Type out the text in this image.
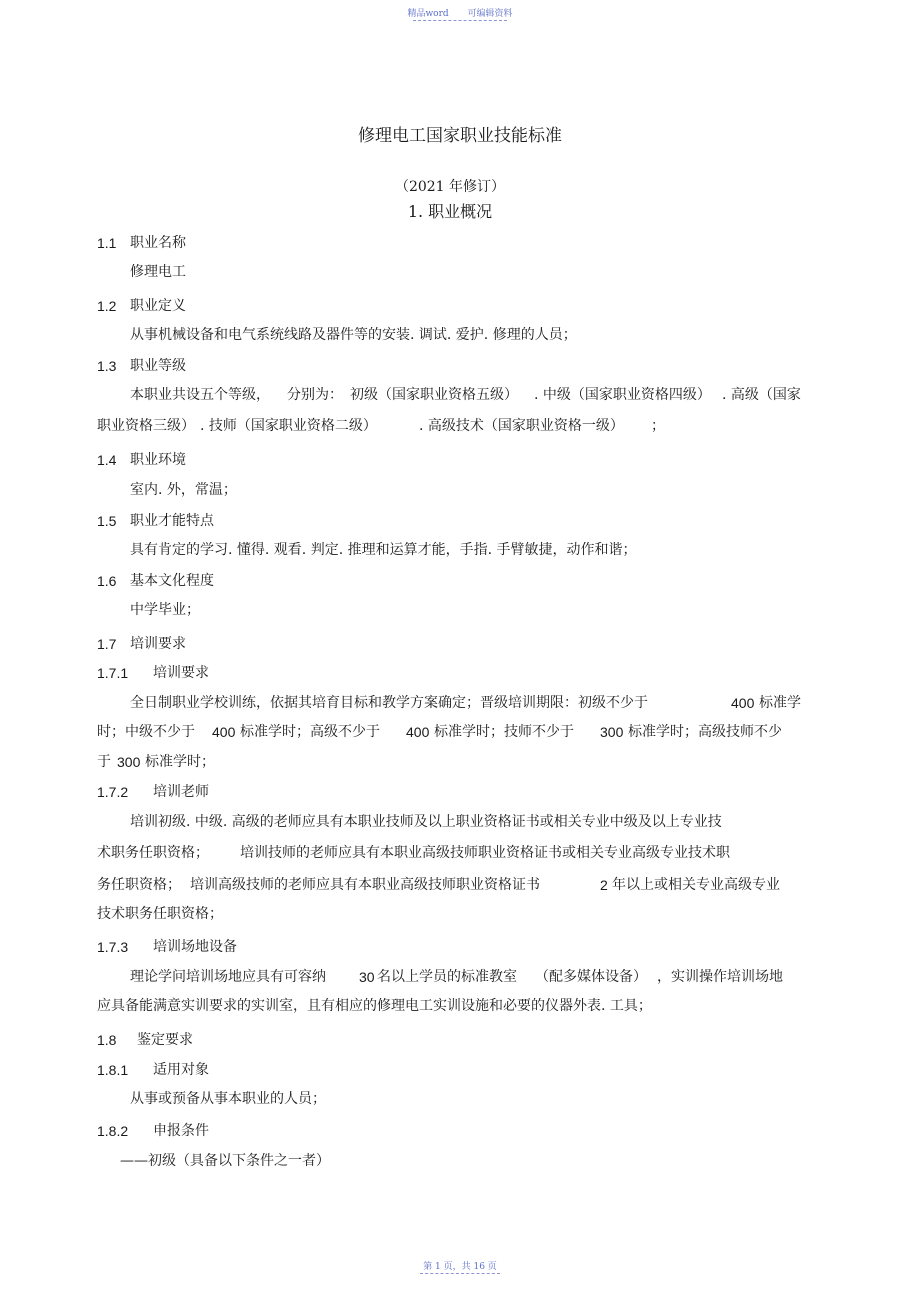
精品word 可编辑资料
修理电工国家职业技能标准
（2021 年修订）
1. 职业概况
1.1 职业名称
修理电工
1.2 职业定义
从事机械设备和电气系统线路及器件等的安装. 调试. 爱护. 修理的人员；
1.3 职业等级
本职业共设五个等级， 分别为： 初级（国家职业资格五级） . 中级（国家职业资格四级） . 高级（国家
职业资格三级） . 技师（国家职业资格二级）	. 高级技术（国家职业资格一级） ；
1.4 职业环境
室内. 外，常温；
1.5 职业才能特点
具有肯定的学习. 懂得. 观看. 判定. 推理和运算才能，手指. 手臂敏捷，动作和谐；
1.6 基本文化程度
中学毕业；
1.7 培训要求
1.7.1 培训要求
全日制职业学校训练，依据其培育目标和教学方案确定；晋级培训期限：初级不少于	400 标准学
时；中级不少于 400 标准学时；高级不少于 400 标准学时；技师不少于 300 标准学时；高级技师不少
于 300 标准学时；
1.7.2 培训老师
培训初级. 中级. 高级的老师应具有本职业技师及以上职业资格证书或相关专业中级及以上专业技
术职务任职资格； 培训技师的老师应具有本职业高级技师职业资格证书或相关专业高级专业技术职
务任职资格； 培训高级技师的老师应具有本职业高级技师职业资格证书	2 年以上或相关专业高级专业
技术职务任职资格；
1.7.3 培训场地设备
理论学问培训场地应具有可容纳 30 名以上学员的标准教室 （配多媒体设备） ，实训操作培训场地
应具备能满意实训要求的实训室，且有相应的修理电工实训设施和必要的仪器外表. 工具；
1.8 鉴定要求
1.8.1 适用对象
从事或预备从事本职业的人员；
1.8.2 申报条件
——初级（具备以下条件之一者）
第 1 页，共 16 页
